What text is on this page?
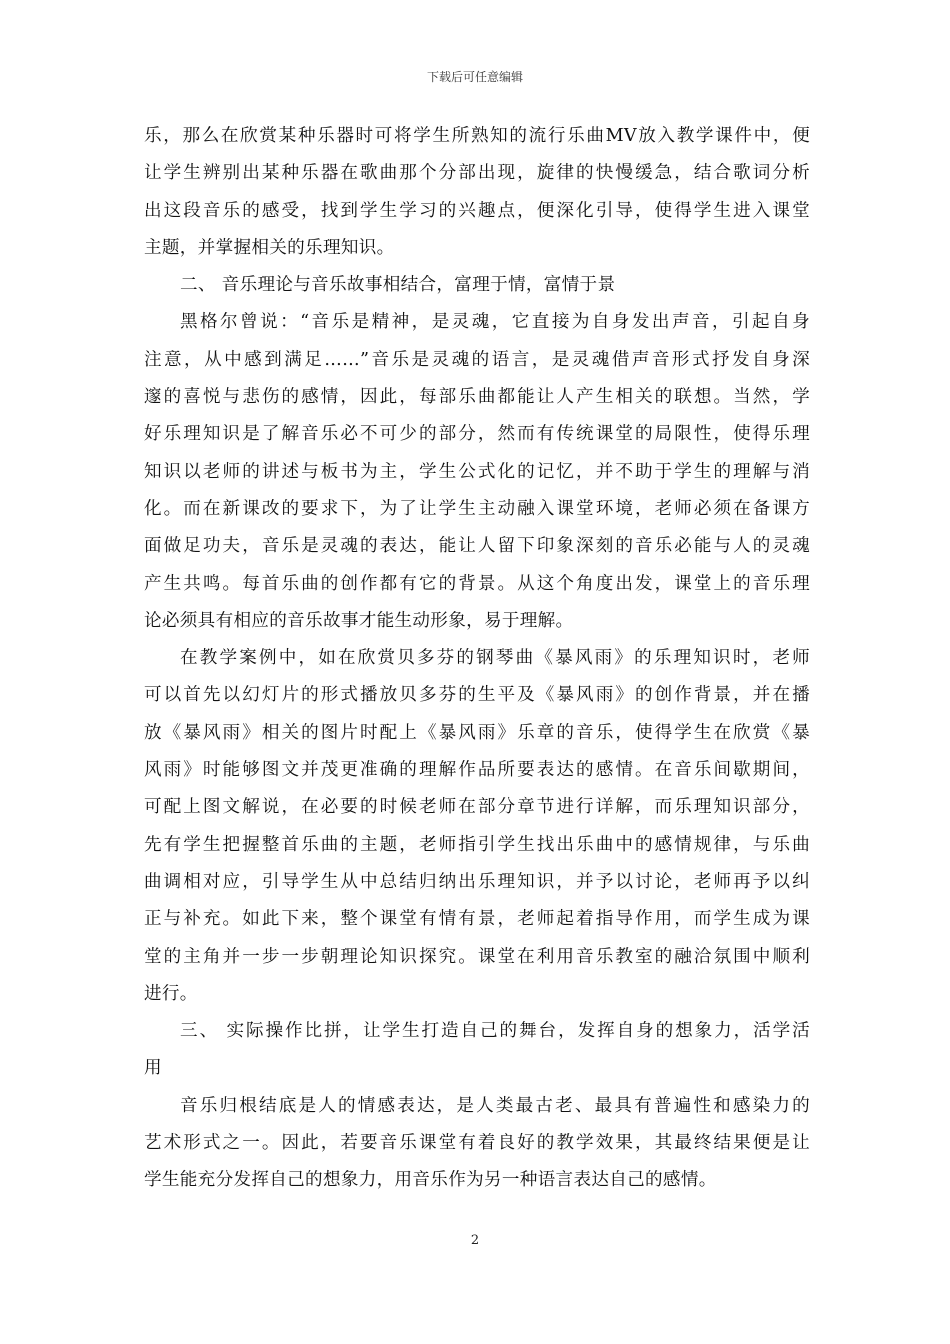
下载后可任意编辑
乐，那么在欣赏某种乐器时可将学生所熟知的流行乐曲MV放入教学课件中，便
让学生辨别出某种乐器在歌曲那个分部出现，旋律的快慢缓急，结合歌词分析
出这段音乐的感受，找到学生学习的兴趣点，便深化引导，使得学生进入课堂
主题，并掌握相关的乐理知识。
二、 音乐理论与音乐故事相结合，富理于情，富情于景
黑格尔曾说：“音乐是精神，是灵魂，它直接为自身发出声音，引起自身
注意，从中感到满足……”音乐是灵魂的语言，是灵魂借声音形式抒发自身深
邃的喜悦与悲伤的感情，因此，每部乐曲都能让人产生相关的联想。当然，学
好乐理知识是了解音乐必不可少的部分，然而有传统课堂的局限性，使得乐理
知识以老师的讲述与板书为主，学生公式化的记忆，并不助于学生的理解与消
化。而在新课改的要求下，为了让学生主动融入课堂环境，老师必须在备课方
面做足功夫，音乐是灵魂的表达，能让人留下印象深刻的音乐必能与人的灵魂
产生共鸣。每首乐曲的创作都有它的背景。从这个角度出发，课堂上的音乐理
论必须具有相应的音乐故事才能生动形象，易于理解。
在教学案例中，如在欣赏贝多芬的钢琴曲《暴风雨》的乐理知识时，老师
可以首先以幻灯片的形式播放贝多芬的生平及《暴风雨》的创作背景，并在播
放《暴风雨》相关的图片时配上《暴风雨》乐章的音乐，使得学生在欣赏《暴
风雨》时能够图文并茂更准确的理解作品所要表达的感情。在音乐间歇期间，
可配上图文解说，在必要的时候老师在部分章节进行详解，而乐理知识部分，
先有学生把握整首乐曲的主题，老师指引学生找出乐曲中的感情规律，与乐曲
曲调相对应，引导学生从中总结归纳出乐理知识，并予以讨论，老师再予以纠
正与补充。如此下来，整个课堂有情有景，老师起着指导作用，而学生成为课
堂的主角并一步一步朝理论知识探究。课堂在利用音乐教室的融洽氛围中顺利
进行。
三、 实际操作比拼，让学生打造自己的舞台，发挥自身的想象力，活学活
用
音乐归根结底是人的情感表达，是人类最古老、最具有普遍性和感染力的
艺术形式之一。因此，若要音乐课堂有着良好的教学效果，其最终结果便是让
学生能充分发挥自己的想象力，用音乐作为另一种语言表达自己的感情。
2
